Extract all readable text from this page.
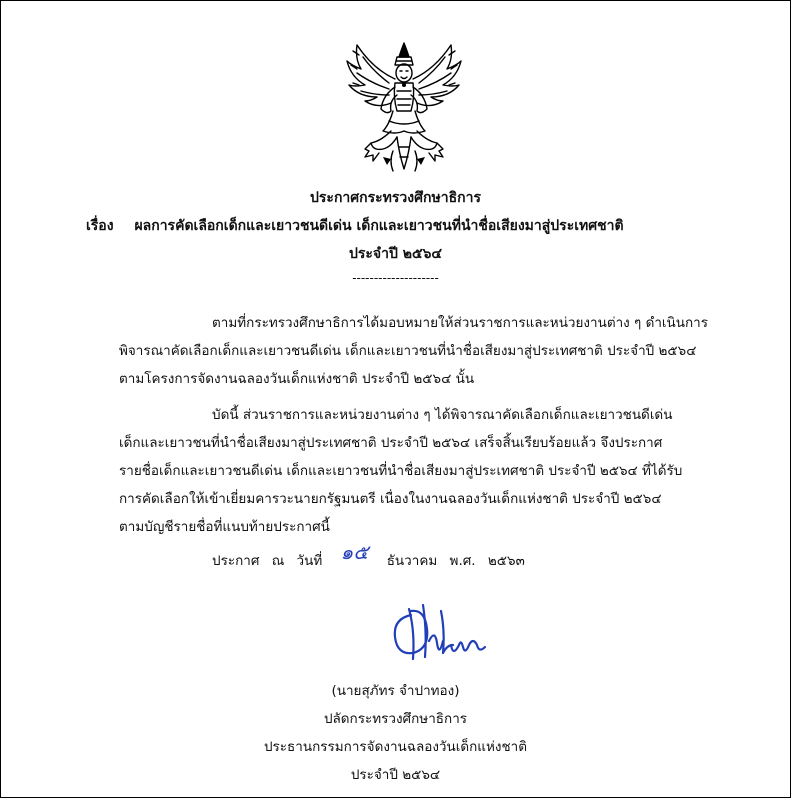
ประกาศกระทรวงศึกษาธิการ
เรื่อง ผลการคัดเลือกเด็กและเยาวชนดีเด่น เด็กและเยาวชนที่นำชื่อเสียงมาสู่ประเทศชาติ
ประจำปี ๒๕๖๔
--------------------
ตามที่กระทรวงศึกษาธิการได้มอบหมายให้ส่วนราชการและหน่วยงานต่าง ๆ ดำเนินการ
พิจารณาคัดเลือกเด็กและเยาวชนดีเด่น เด็กและเยาวชนที่นำชื่อเสียงมาสู่ประเทศชาติ ประจำปี ๒๕๖๔
ตามโครงการจัดงานฉลองวันเด็กแห่งชาติ ประจำปี ๒๕๖๔ นั้น
บัดนี้ ส่วนราชการและหน่วยงานต่าง ๆ ได้พิจารณาคัดเลือกเด็กและเยาวชนดีเด่น
เด็กและเยาวชนที่นำชื่อเสียงมาสู่ประเทศชาติ ประจำปี ๒๕๖๔ เสร็จสิ้นเรียบร้อยแล้ว จึงประกาศ
รายชื่อเด็กและเยาวชนดีเด่น เด็กและเยาวชนที่นำชื่อเสียงมาสู่ประเทศชาติ ประจำปี ๒๕๖๔ ที่ได้รับ
การคัดเลือกให้เข้าเยี่ยมคารวะนายกรัฐมนตรี เนื่องในงานฉลองวันเด็กแห่งชาติ ประจำปี ๒๕๖๔
ตามบัญชีรายชื่อที่แนบท้ายประกาศนี้
ประกาศ ณ วันที่ ๑๕ ธันวาคม พ.ศ. ๒๕๖๓
(นายสุภัทร จำปาทอง)
ปลัดกระทรวงศึกษาธิการ
ประธานกรรมการจัดงานฉลองวันเด็กแห่งชาติ
ประจำปี ๒๕๖๔
